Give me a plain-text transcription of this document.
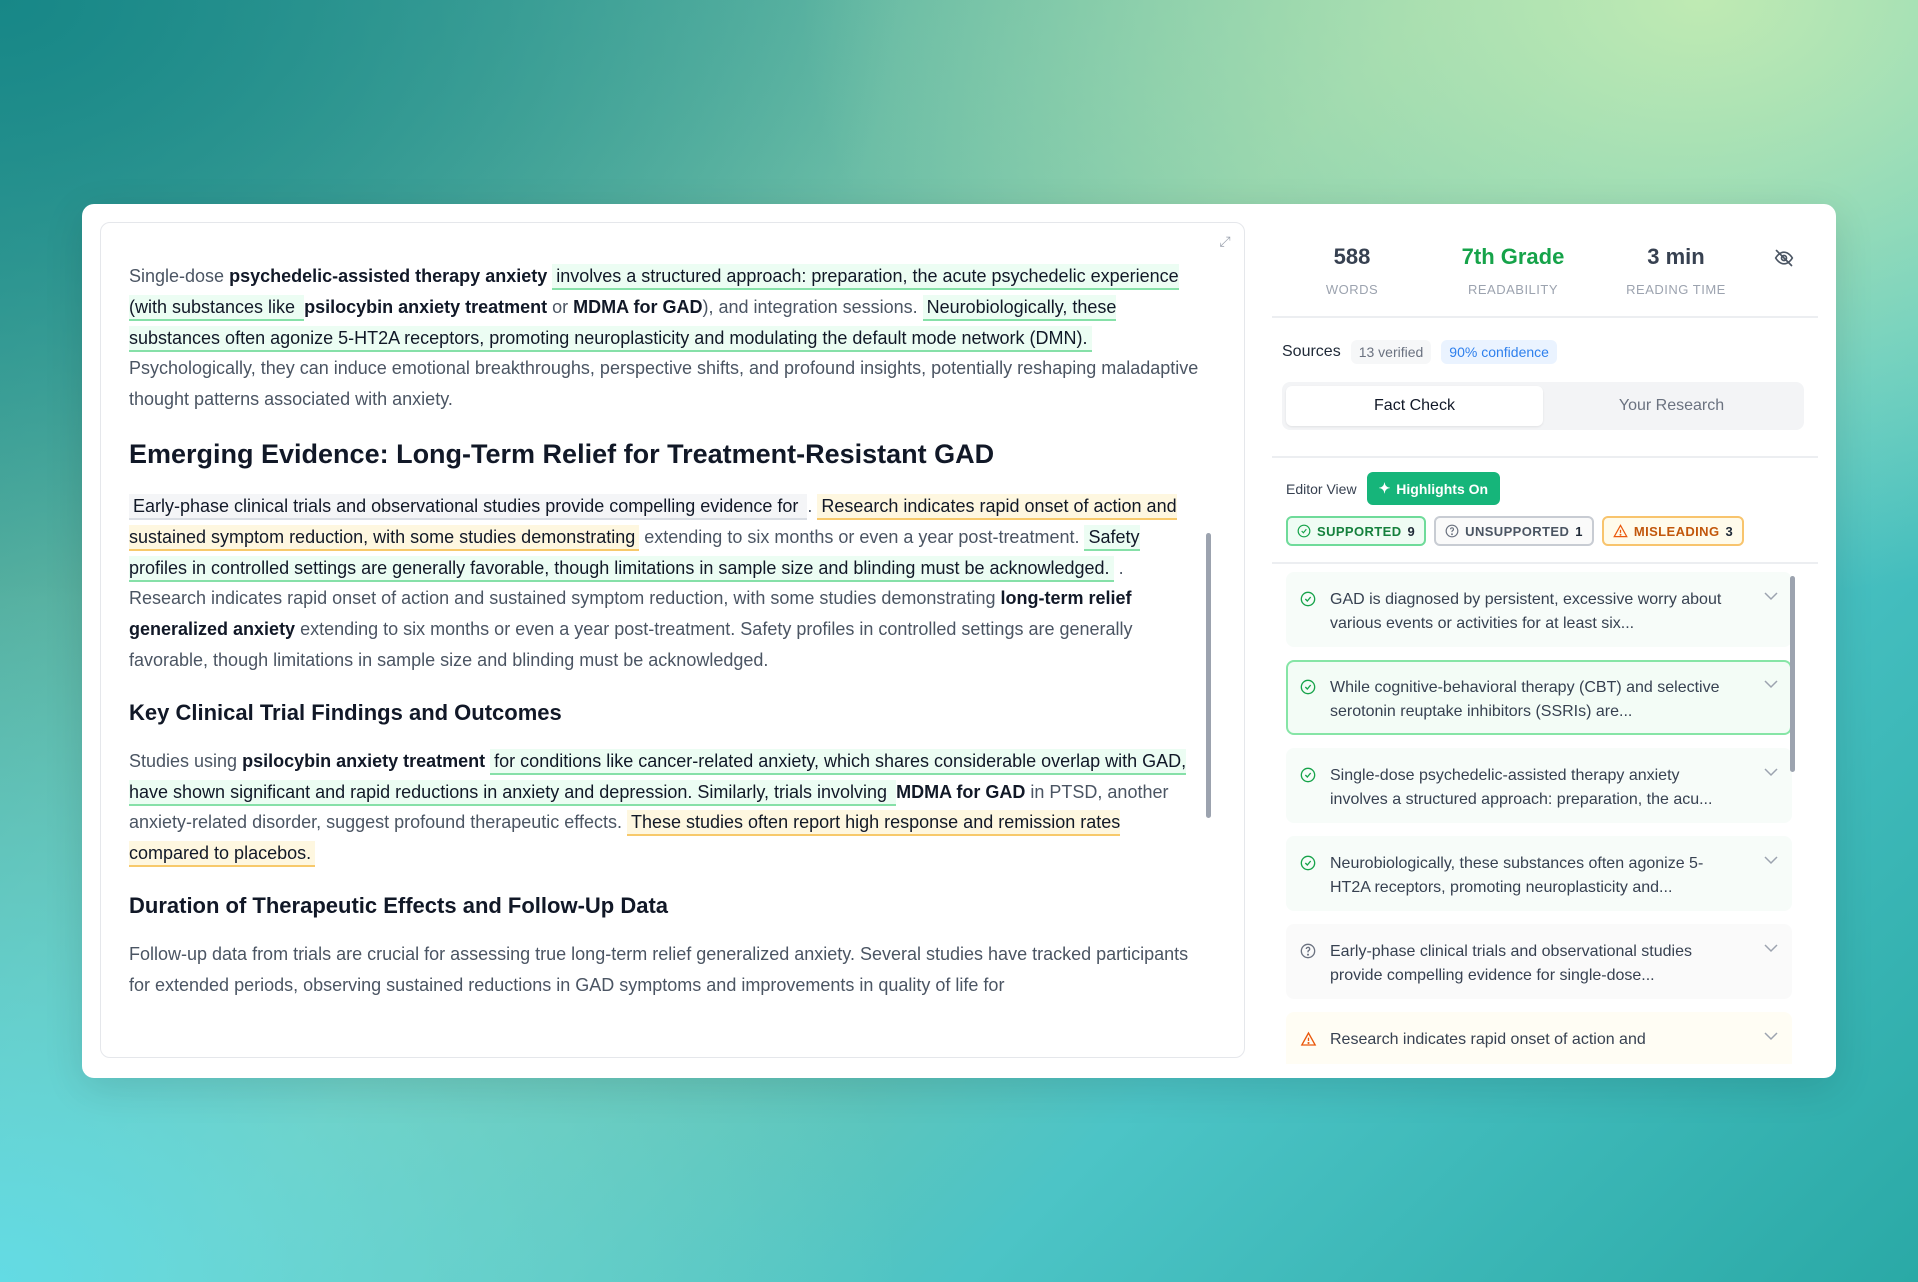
⤢

Single-dose psychedelic-assisted therapy anxiety involves a structured approach: preparation, the acute psychedelic experience (with substances like psilocybin anxiety treatment or MDMA for GAD), and integration sessions. Neurobiologically, these substances often agonize 5-HT2A receptors, promoting neuroplasticity and modulating the default mode network (DMN). Psychologically, they can induce emotional breakthroughs, perspective shifts, and profound insights, potentially reshaping maladaptive thought patterns associated with anxiety.

Emerging Evidence: Long-Term Relief for Treatment-Resistant GAD

Early-phase clinical trials and observational studies provide compelling evidence for . Research indicates rapid onset of action and sustained symptom reduction, with some studies demonstrating extending to six months or even a year post-treatment. Safety profiles in controlled settings are generally favorable, though limitations in sample size and blinding must be acknowledged. . Research indicates rapid onset of action and sustained symptom reduction, with some studies demonstrating long-term relief generalized anxiety extending to six months or even a year post-treatment. Safety profiles in controlled settings are generally favorable, though limitations in sample size and blinding must be acknowledged.

Key Clinical Trial Findings and Outcomes

Studies using psilocybin anxiety treatment for conditions like cancer-related anxiety, which shares considerable overlap with GAD, have shown significant and rapid reductions in anxiety and depression. Similarly, trials involving MDMA for GAD in PTSD, another anxiety-related disorder, suggest profound therapeutic effects. These studies often report high response and remission rates compared to placebos.

Duration of Therapeutic Effects and Follow-Up Data

Follow-up data from trials are crucial for assessing true long-term relief generalized anxiety. Several studies have tracked participants for extended periods, observing sustained reductions in GAD symptoms and improvements in quality of life for

588
WORDS
7th Grade
READABILITY
3 min
READING TIME
Sources	13 verified	90% confidence
Fact Check	Your Research
Editor View ✦ Highlights On
SUPPORTED 9	UNSUPPORTED 1	MISLEADING 3
GAD is diagnosed by persistent, excessive worry about various events or activities for at least six...
While cognitive-behavioral therapy (CBT) and selective serotonin reuptake inhibitors (SSRIs) are...
Single-dose psychedelic-assisted therapy anxiety involves a structured approach: preparation, the acu...
Neurobiologically, these substances often agonize 5-HT2A receptors, promoting neuroplasticity and...
Early-phase clinical trials and observational studies provide compelling evidence for single-dose...
Research indicates rapid onset of action and
